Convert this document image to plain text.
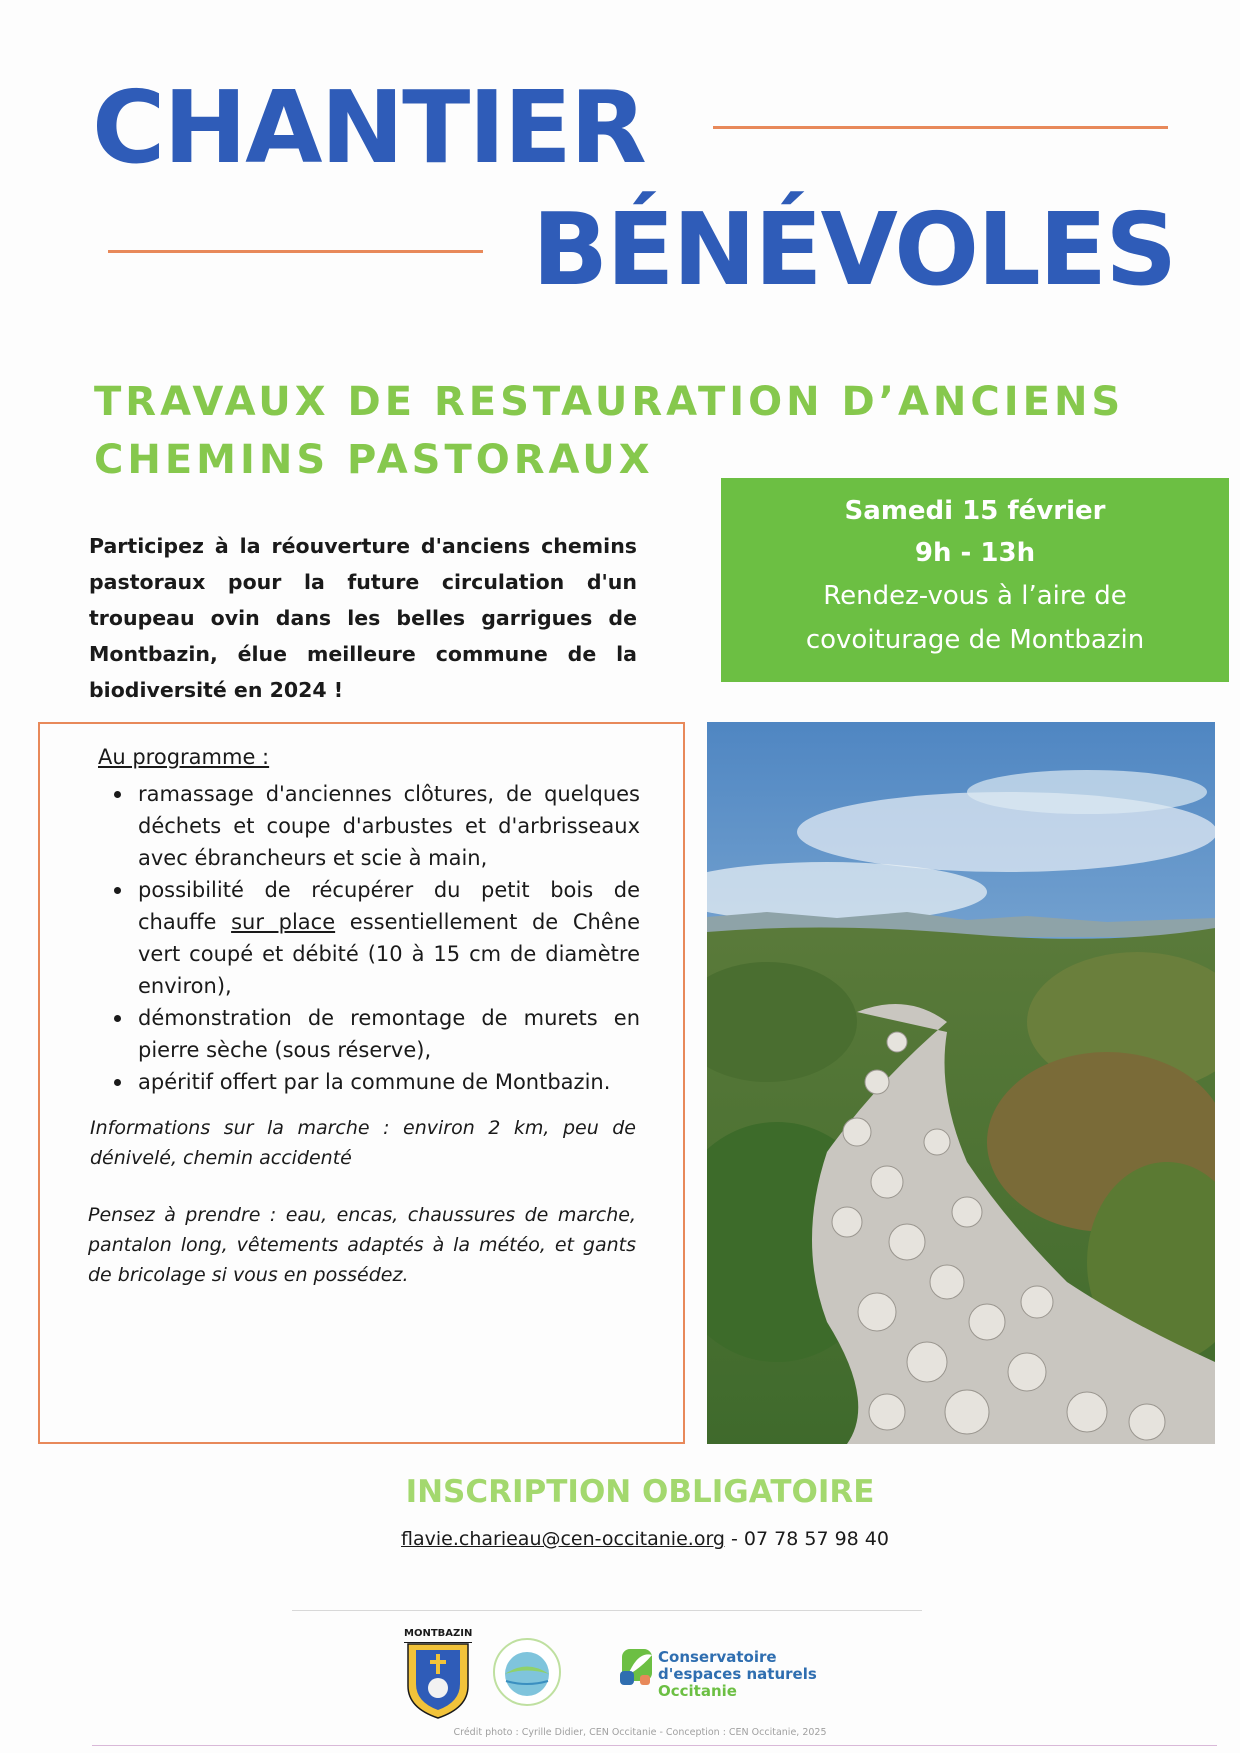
CHANTIER
BÉNÉVOLES
TRAVAUX DE RESTAURATION D’ANCIENS
CHEMINS PASTORAUX
Samedi 15 février
9h - 13h
Rendez-vous à l’aire de
covoiturage de Montbazin
Participez à la réouverture d'anciens chemins pastoraux pour la future circulation d'un troupeau ovin dans les belles garrigues de Montbazin, élue meilleure commune de la biodiversité en 2024 !
Au programme :
ramassage d'anciennes clôtures, de quelques déchets et coupe d'arbustes et d'arbrisseaux avec ébrancheurs et scie à main,
possibilité de récupérer du petit bois de chauffe sur place essentiellement de Chêne vert coupé et débité (10 à 15 cm de diamètre environ),
démonstration de remontage de murets en pierre sèche (sous réserve),
apéritif offert par la commune de Montbazin.
Informations sur la marche : environ 2 km, peu de dénivelé, chemin accidenté
Pensez à prendre : eau, encas, chaussures de marche, pantalon long, vêtements adaptés à la météo, et gants de bricolage si vous en possédez.
INSCRIPTION OBLIGATOIRE
flavie.charieau@cen-occitanie.org - 07 78 57 98 40
MONTBAZIN
Conservatoire
d'espaces naturels
Occitanie
Crédit photo : Cyrille Didier, CEN Occitanie - Conception : CEN Occitanie, 2025
